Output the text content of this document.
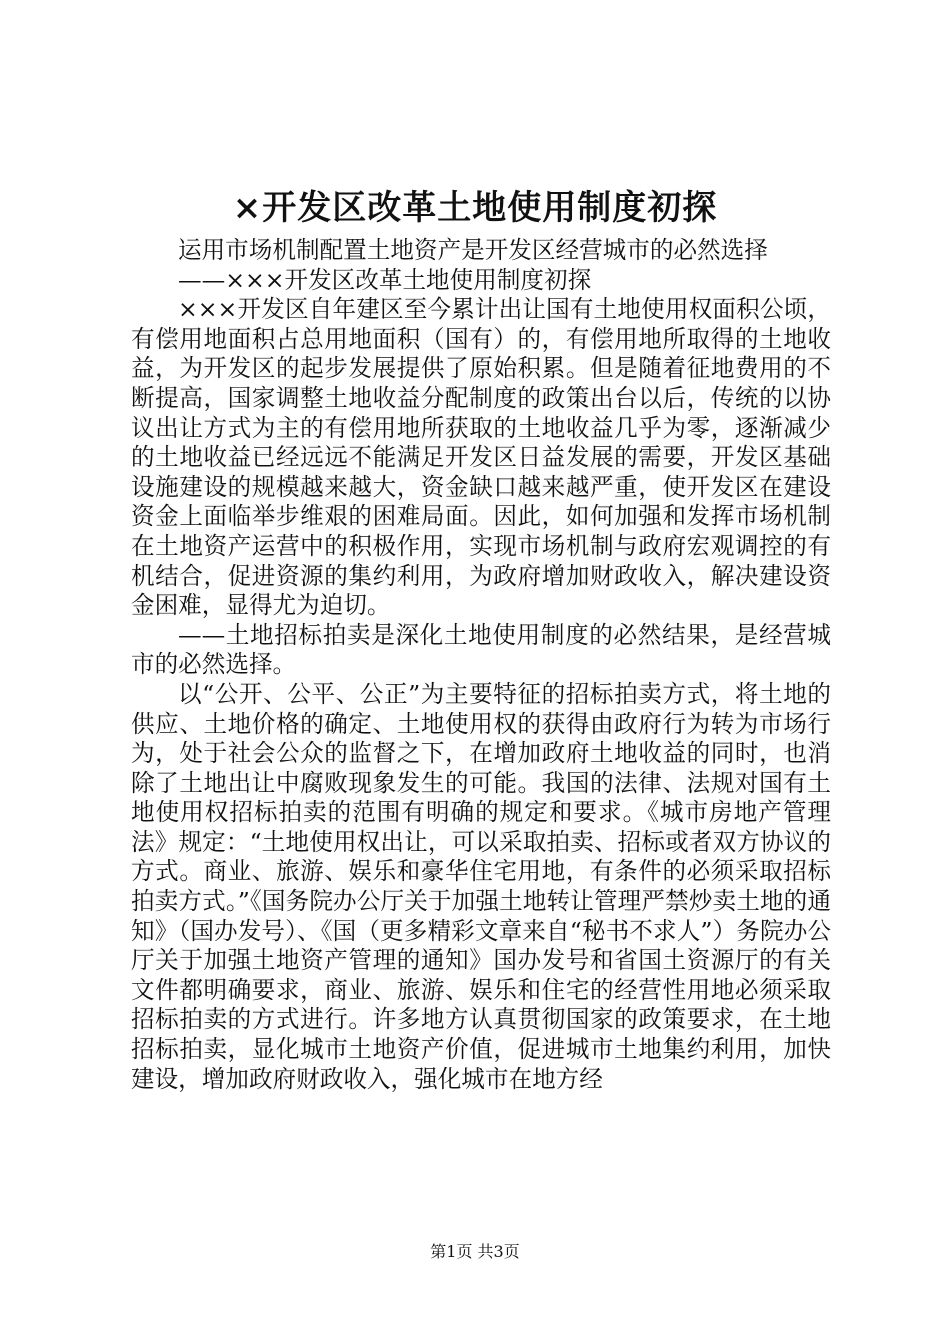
×开发区改革土地使用制度初探

运用市场机制配置土地资产是开发区经营城市的必然选择

——×××开发区改革土地使用制度初探

×××开发区自年建区至今累计出让国有土地使用权面积公顷，有偿用地面积占总用地面积（国有）的，有偿用地所取得的土地收益，为开发区的起步发展提供了原始积累。但是随着征地费用的不断提高，国家调整土地收益分配制度的政策出台以后，传统的以协议出让方式为主的有偿用地所获取的土地收益几乎为零，逐渐减少的土地收益已经远远不能满足开发区日益发展的需要，开发区基础设施建设的规模越来越大，资金缺口越来越严重，使开发区在建设资金上面临举步维艰的困难局面。因此，如何加强和发挥市场机制在土地资产运营中的积极作用，实现市场机制与政府宏观调控的有机结合，促进资源的集约利用，为政府增加财政收入，解决建设资金困难，显得尤为迫切。

——土地招标拍卖是深化土地使用制度的必然结果，是经营城市的必然选择。

以“公开、公平、公正”为主要特征的招标拍卖方式，将土地的供应、土地价格的确定、土地使用权的获得由政府行为转为市场行为，处于社会公众的监督之下，在增加政府土地收益的同时，也消除了土地出让中腐败现象发生的可能。我国的法律、法规对国有土地使用权招标拍卖的范围有明确的规定和要求。《城市房地产管理法》规定：“土地使用权出让，可以采取拍卖、招标或者双方协议的方式。商业、旅游、娱乐和豪华住宅用地，有条件的必须采取招标拍卖方式。”《国务院办公厅关于加强土地转让管理严禁炒卖土地的通知》（国办发号）、《国（更多精彩文章来自“秘书不求人”）务院办公厅关于加强土地资产管理的通知》国办发号和省国土资源厅的有关文件都明确要求，商业、旅游、娱乐和住宅的经营性用地必须采取招标拍卖的方式进行。许多地方认真贯彻国家的政策要求，在土地招标拍卖，显化城市土地资产价值，促进城市土地集约利用，加快建设，增加政府财政收入，强化城市在地方经

第1页 共3页
